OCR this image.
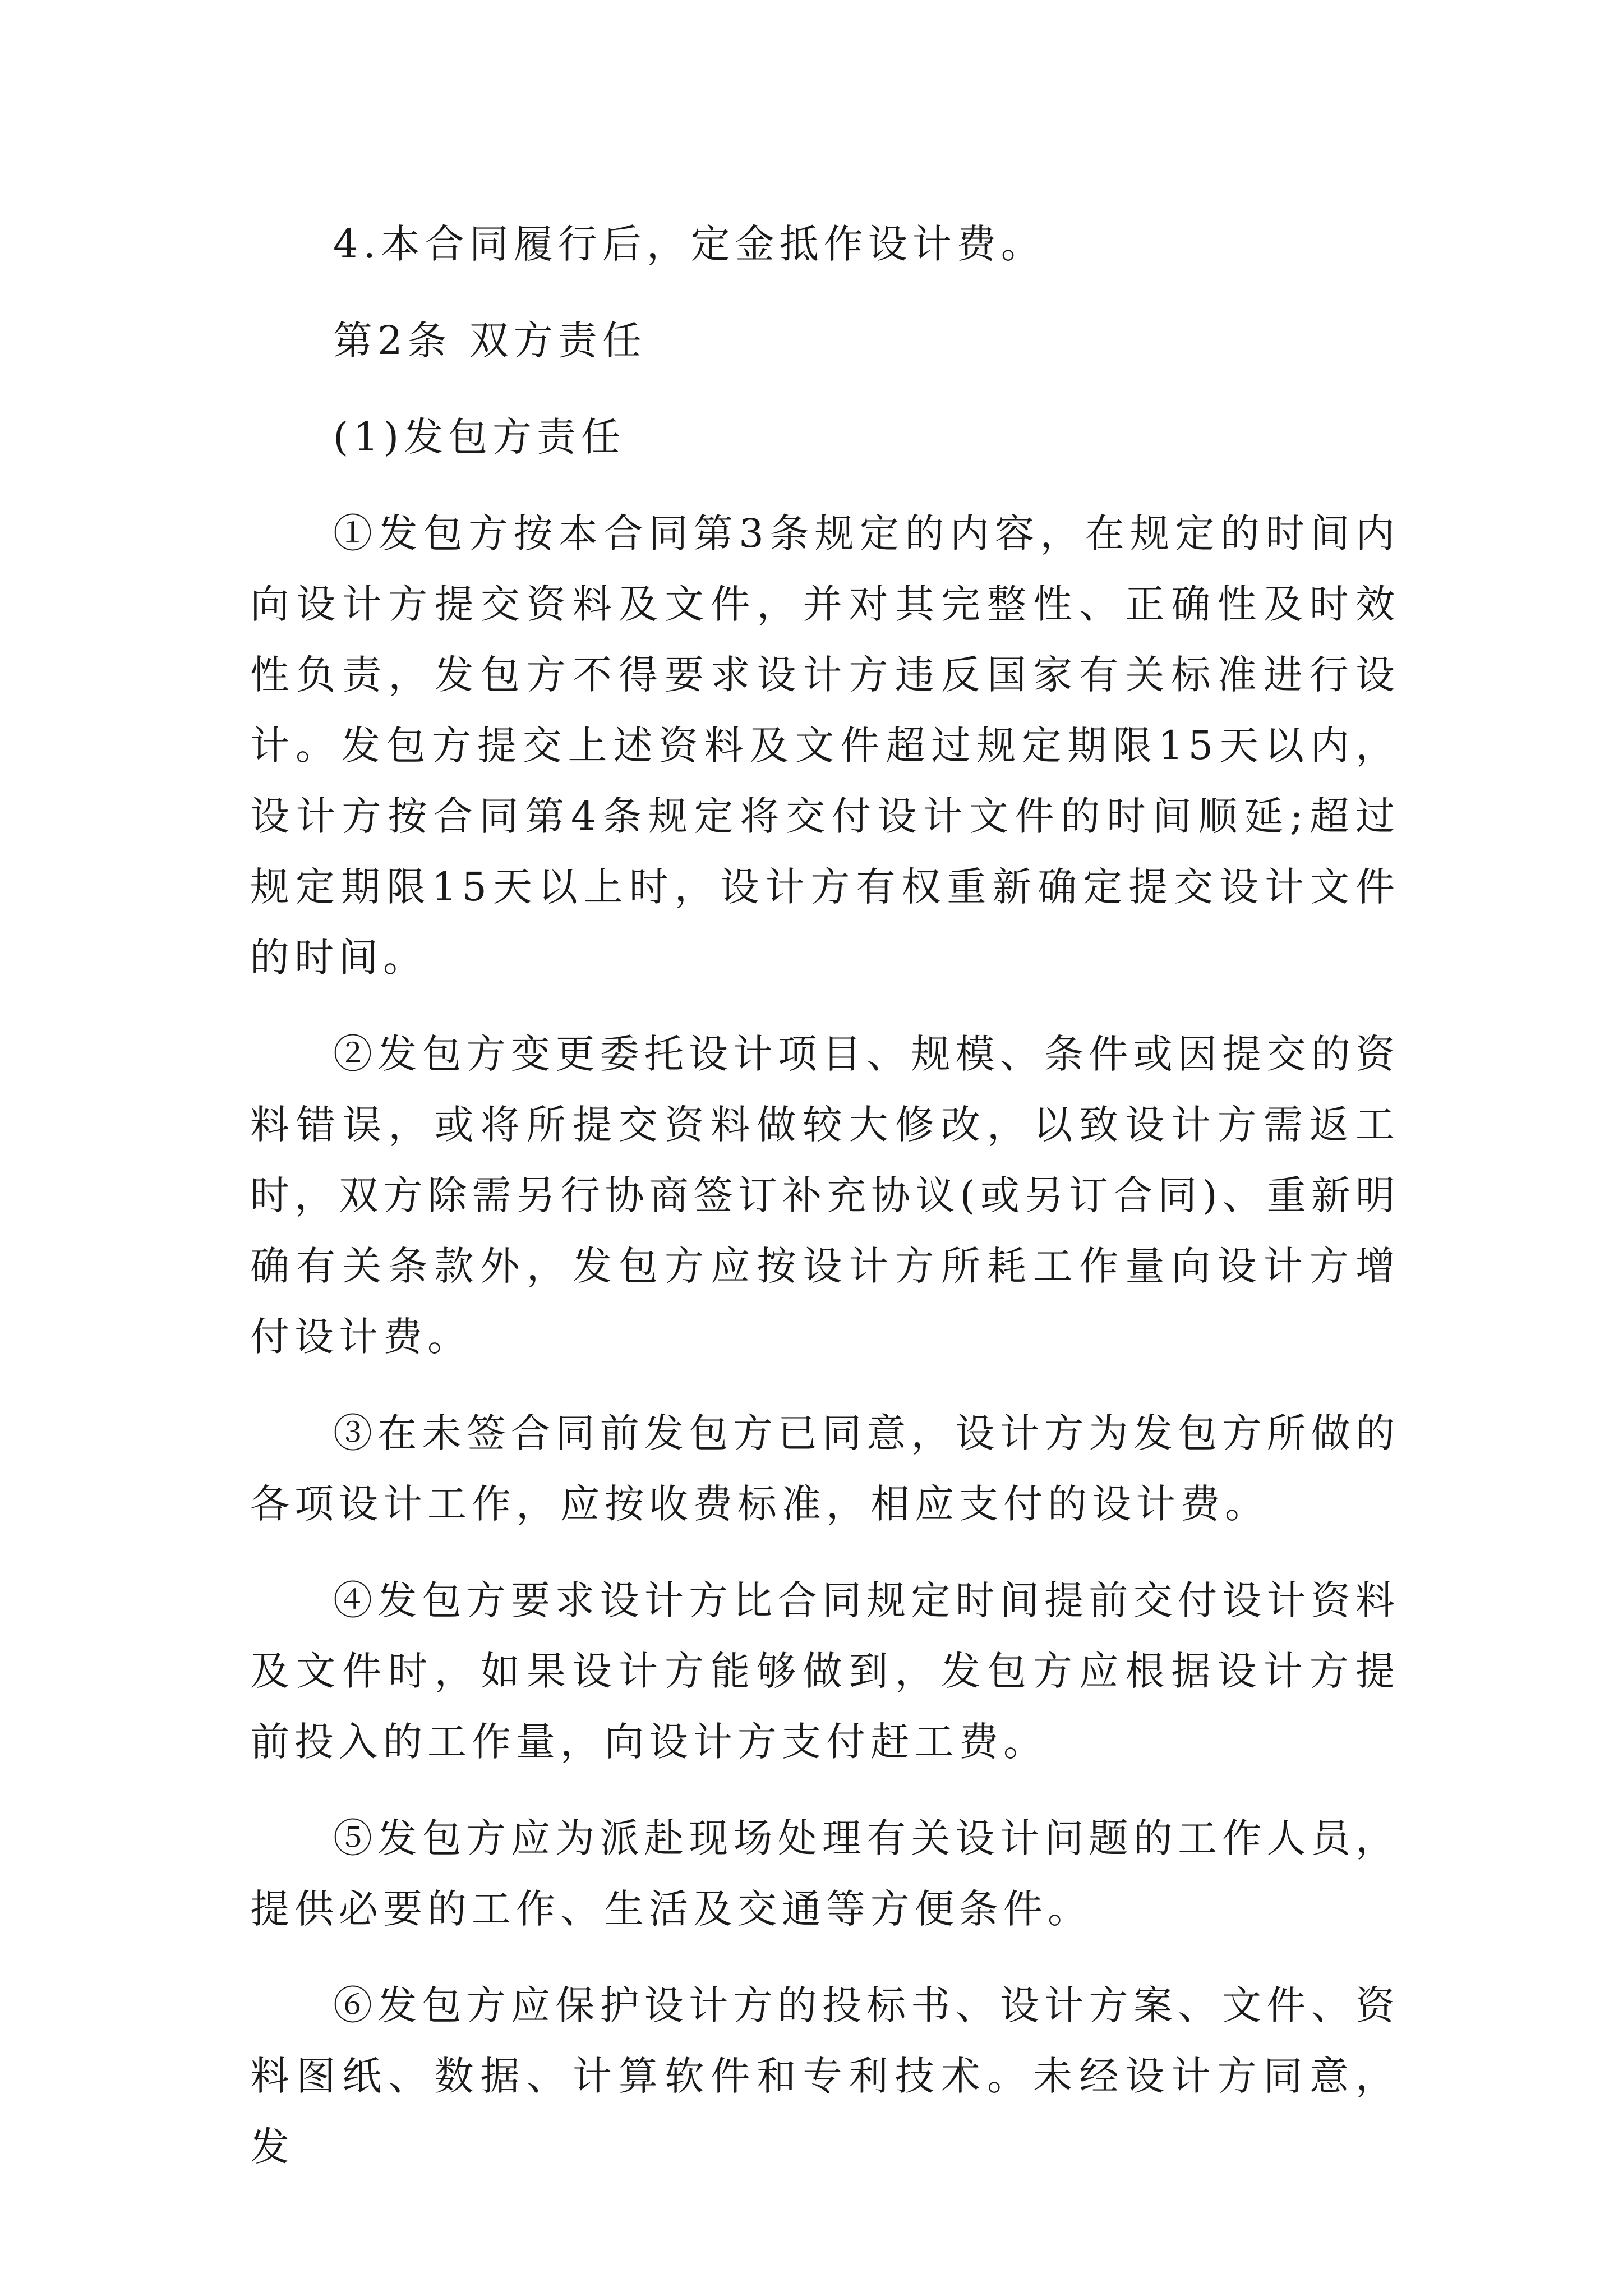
4.本合同履行后，定金抵作设计费。

第2条 双方责任

(1)发包方责任

①发包方按本合同第3条规定的内容，在规定的时间内向设计方提交资料及文件，并对其完整性、正确性及时效性负责，发包方不得要求设计方违反国家有关标准进行设计。发包方提交上述资料及文件超过规定期限15天以内，设计方按合同第4条规定将交付设计文件的时间顺延;超过规定期限15天以上时，设计方有权重新确定提交设计文件的时间。

②发包方变更委托设计项目、规模、条件或因提交的资料错误，或将所提交资料做较大修改，以致设计方需返工时，双方除需另行协商签订补充协议(或另订合同)、重新明确有关条款外，发包方应按设计方所耗工作量向设计方增付设计费。

③在未签合同前发包方已同意，设计方为发包方所做的各项设计工作，应按收费标准，相应支付的设计费。

④发包方要求设计方比合同规定时间提前交付设计资料及文件时，如果设计方能够做到，发包方应根据设计方提前投入的工作量，向设计方支付赶工费。

⑤发包方应为派赴现场处理有关设计问题的工作人员，提供必要的工作、生活及交通等方便条件。

⑥发包方应保护设计方的投标书、设计方案、文件、资料图纸、数据、计算软件和专利技术。未经设计方同意，发
